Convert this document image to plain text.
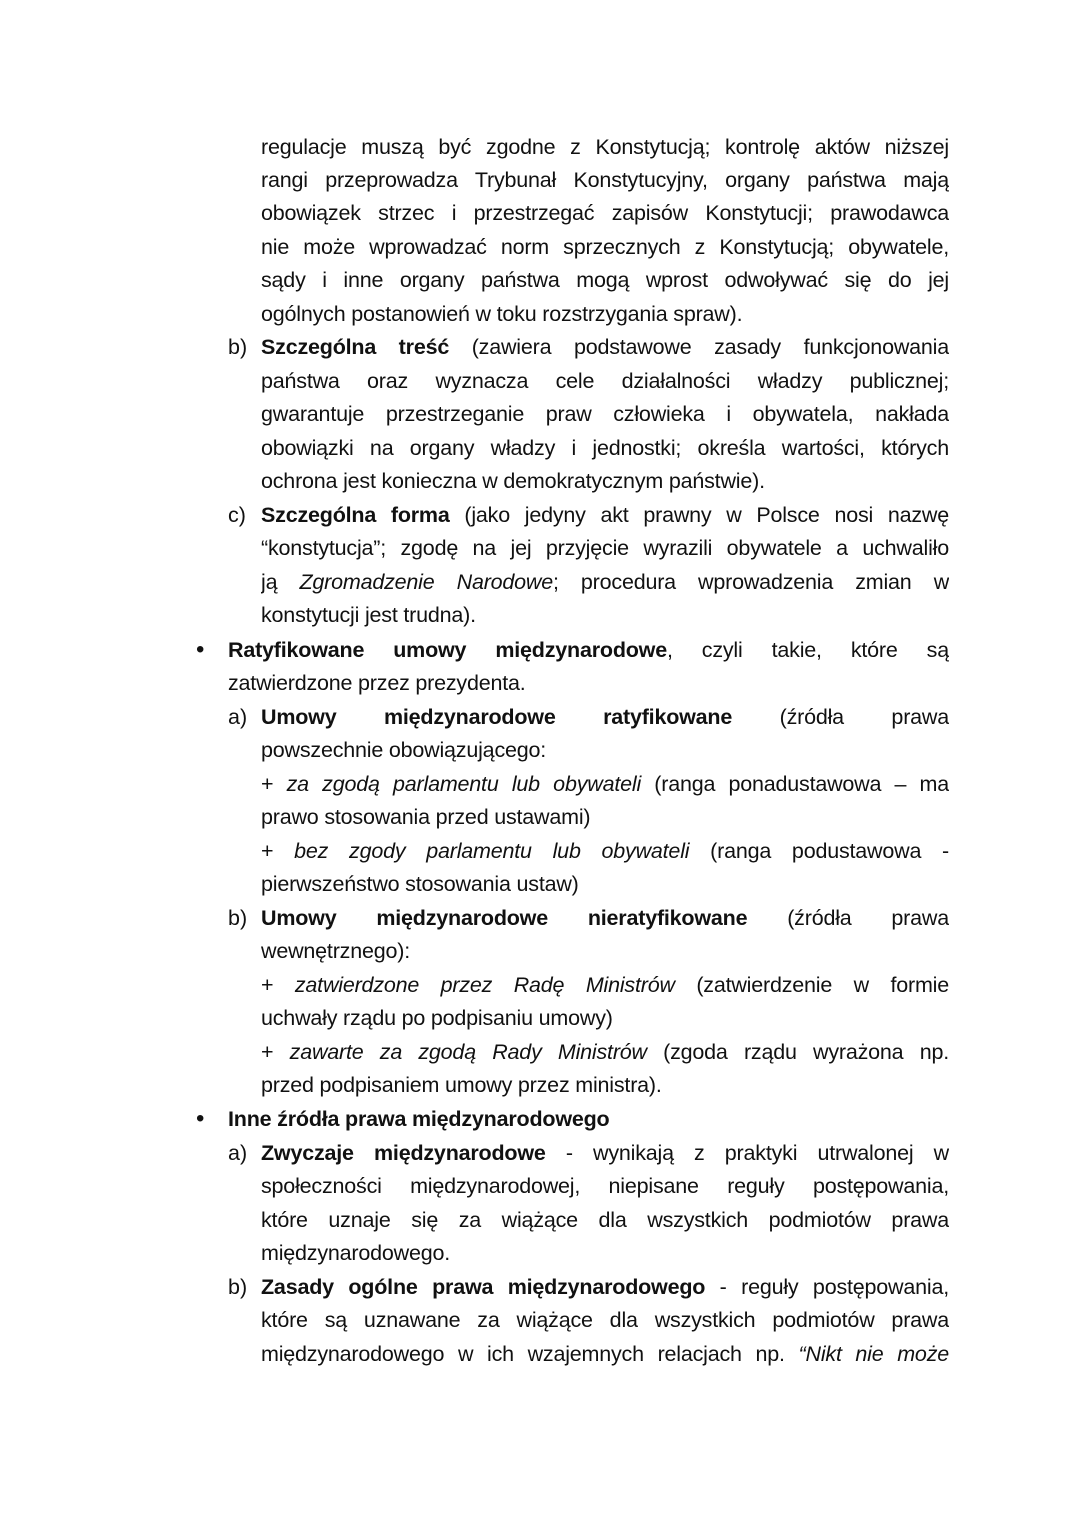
regulacje muszą być zgodne z Konstytucją; kontrolę aktów niższej
rangi przeprowadza Trybunał Konstytucyjny, organy państwa mają
obowiązek strzec i przestrzegać zapisów Konstytucji; prawodawca
nie może wprowadzać norm sprzecznych z Konstytucją; obywatele,
sądy i inne organy państwa mogą wprost odwoływać się do jej
ogólnych postanowień w toku rozstrzygania spraw).
b) Szczególna treść (zawiera podstawowe zasady funkcjonowania
państwa oraz wyznacza cele działalności władzy publicznej;
gwarantuje przestrzeganie praw człowieka i obywatela, nakłada
obowiązki na organy władzy i jednostki; określa wartości, których
ochrona jest konieczna w demokratycznym państwie).
c) Szczególna forma (jako jedyny akt prawny w Polsce nosi nazwę
“konstytucja”; zgodę na jej przyjęcie wyrazili obywatele a uchwaliło
ją Zgromadzenie Narodowe; procedura wprowadzenia zmian w
konstytucji jest trudna).
• Ratyfikowane umowy międzynarodowe, czyli takie, które są
zatwierdzone przez prezydenta.
a) Umowy międzynarodowe ratyfikowane (źródła prawa
powszechnie obowiązującego:
+ za zgodą parlamentu lub obywateli (ranga ponadustawowa – ma
prawo stosowania przed ustawami)
+ bez zgody parlamentu lub obywateli (ranga podustawowa -
pierwszeństwo stosowania ustaw)
b) Umowy międzynarodowe nieratyfikowane (źródła prawa
wewnętrznego):
+ zatwierdzone przez Radę Ministrów (zatwierdzenie w formie
uchwały rządu po podpisaniu umowy)
+ zawarte za zgodą Rady Ministrów (zgoda rządu wyrażona np.
przed podpisaniem umowy przez ministra).
• Inne źródła prawa międzynarodowego
a) Zwyczaje międzynarodowe - wynikają z praktyki utrwalonej w
społeczności międzynarodowej, niepisane reguły postępowania,
które uznaje się za wiążące dla wszystkich podmiotów prawa
międzynarodowego.
b) Zasady ogólne prawa międzynarodowego - reguły postępowania,
które są uznawane za wiążące dla wszystkich podmiotów prawa
międzynarodowego w ich wzajemnych relacjach np. “Nikt nie może
